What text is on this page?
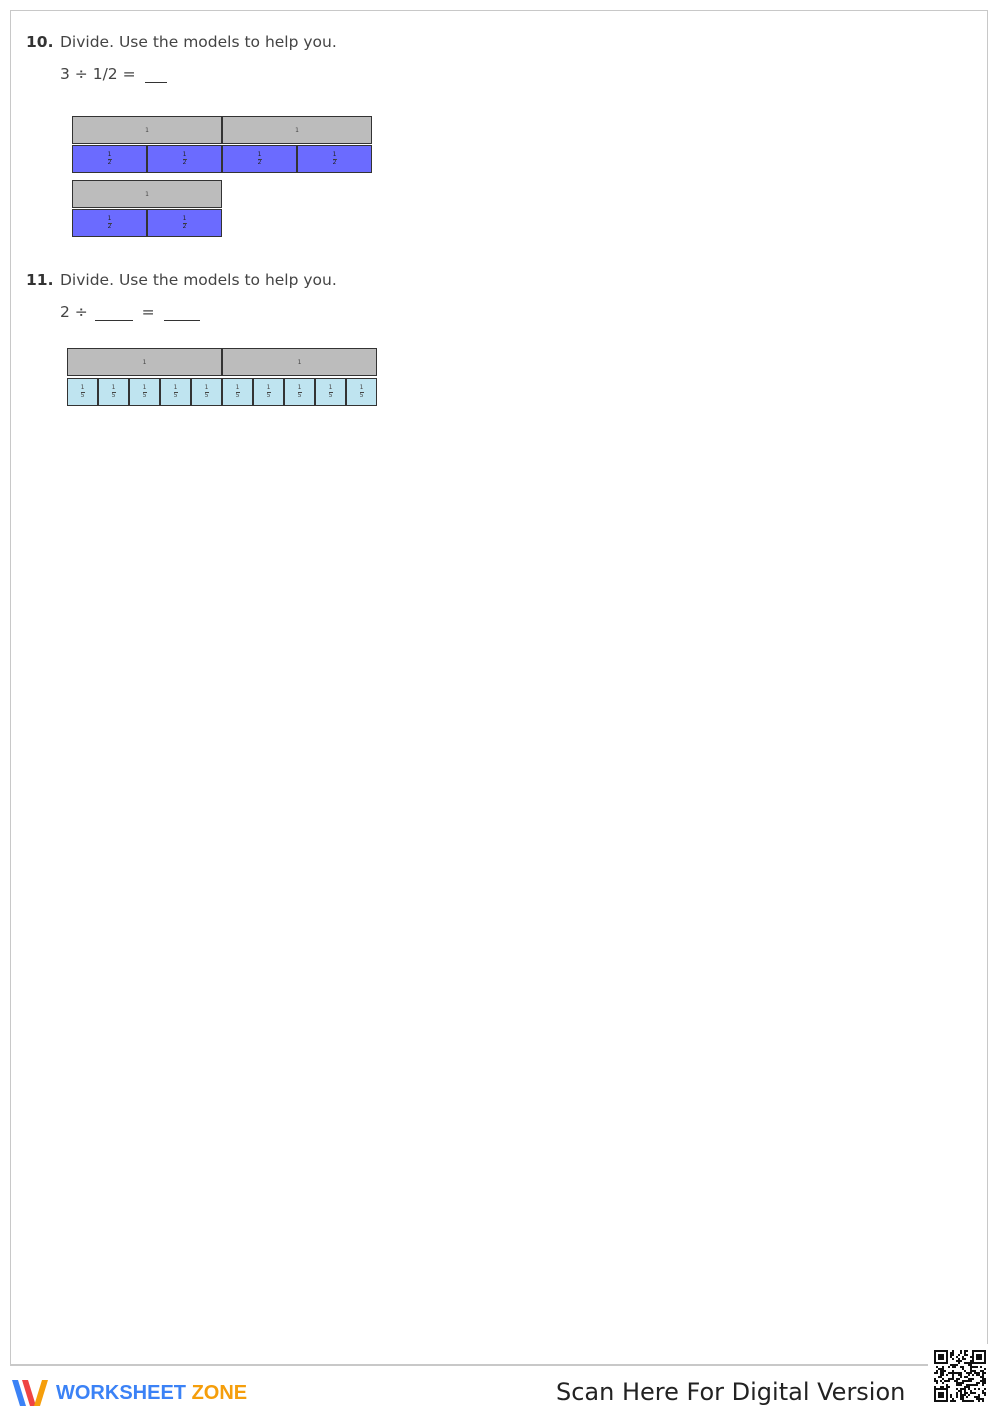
10. Divide. Use the models to help you.
3 ÷ 1/2 =
1	1
$\frac{1}{2}$	$\frac{1}{2}$	$\frac{1}{2}$	$\frac{1}{2}$
1
$\frac{1}{2}$	$\frac{1}{2}$
11. Divide. Use the models to help you.
2 ÷	=
1	1
$\frac{1}{5}$	$\frac{1}{5}$	$\frac{1}{5}$	$\frac{1}{5}$	$\frac{1}{5}$	$\frac{1}{5}$	$\frac{1}{5}$	$\frac{1}{5}$	$\frac{1}{5}$	$\frac{1}{5}$
WORKSHEET ZONE	Scan Here For Digital Version
